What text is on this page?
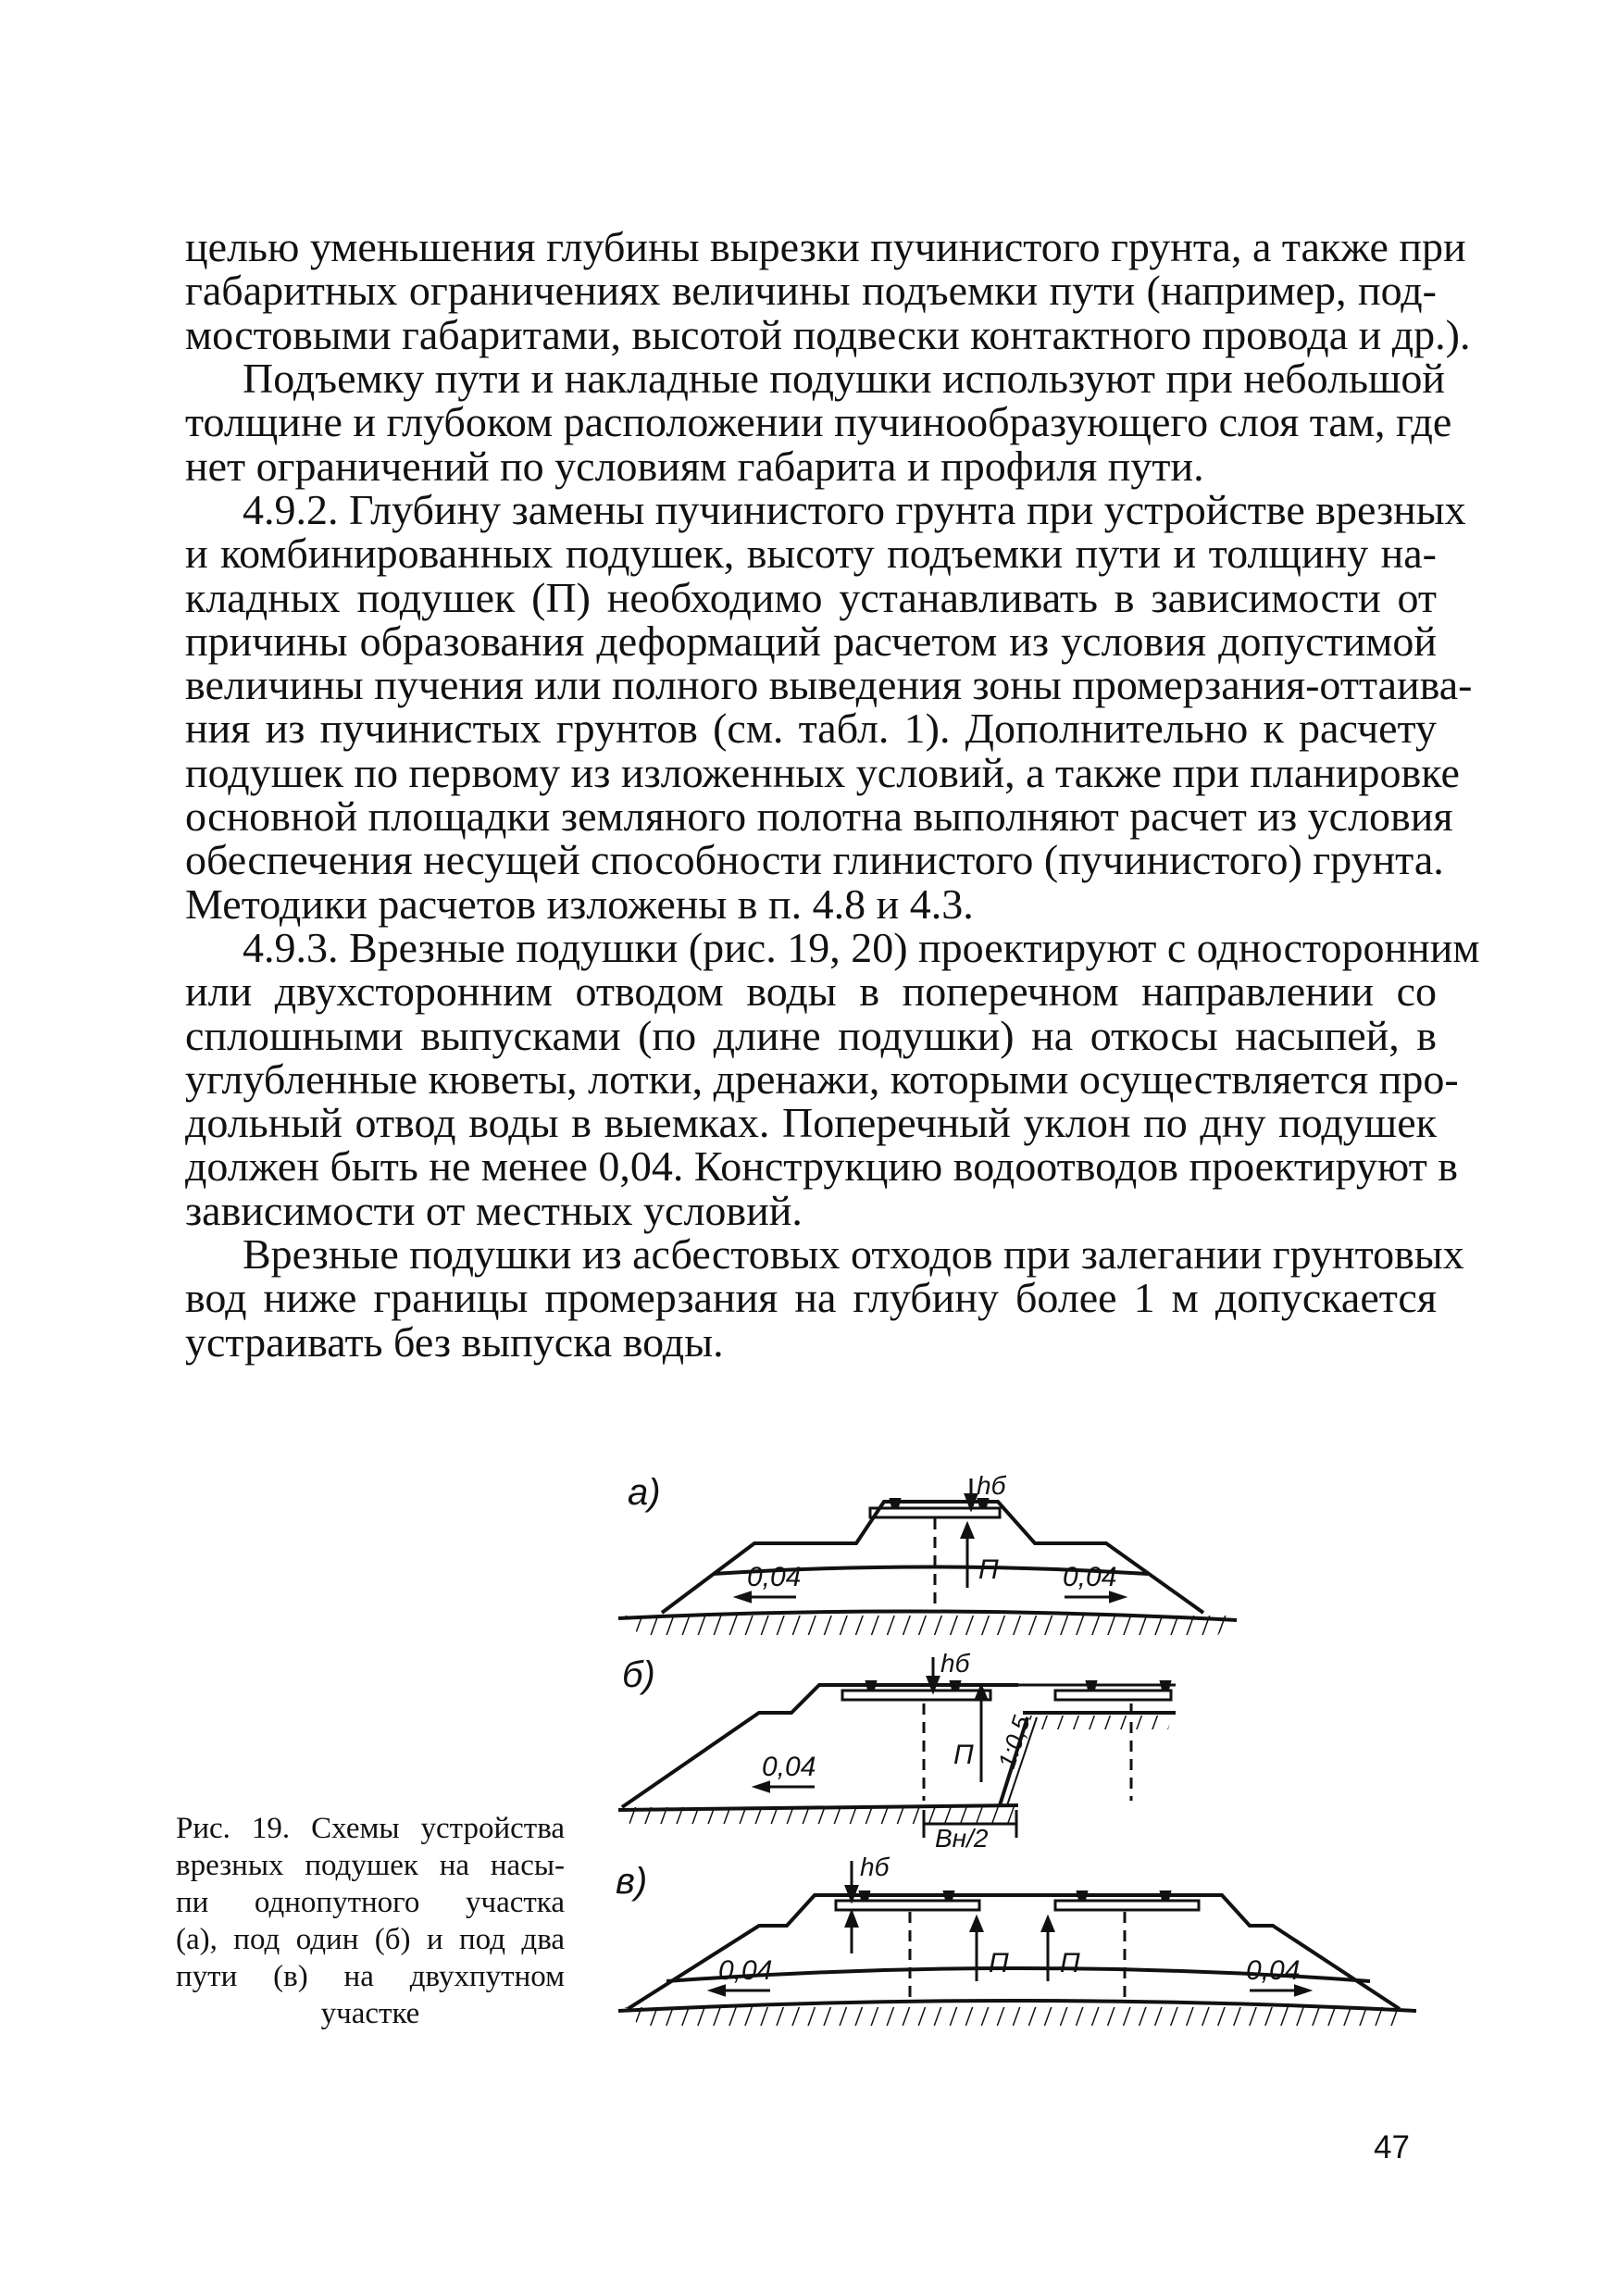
целью уменьшения глубины вырезки пучинистого грунта, а также при
габаритных ограничениях величины подъемки пути (например, под-
мостовыми габаритами, высотой подвески контактного провода и др.).
Подъемку пути и накладные подушки используют при небольшой
толщине и глубоком расположении пучинообразующего слоя там, где
нет ограничений по условиям габарита и профиля пути.
4.9.2. Глубину замены пучинистого грунта при устройстве врезных
и комбинированных подушек, высоту подъемки пути и толщину на-
кладных подушек (П) необходимо устанавливать в зависимости от
причины образования деформаций расчетом из условия допустимой
величины пучения или полного выведения зоны промерзания-оттаива-
ния из пучинистых грунтов (см. табл. 1). Дополнительно к расчету
подушек по первому из изложенных условий, а также при планировке
основной площадки земляного полотна выполняют расчет из условия
обеспечения несущей способности глинистого (пучинистого) грунта.
Методики расчетов изложены в п. 4.8 и 4.3.
4.9.3. Врезные подушки (рис. 19, 20) проектируют с односторонним
или двухсторонним отводом воды в поперечном направлении со
сплошными выпусками (по длине подушки) на откосы насыпей, в
углубленные кюветы, лотки, дренажи, которыми осуществляется про-
дольный отвод воды в выемках. Поперечный уклон по дну подушек
должен быть не менее 0,04. Конструкцию водоотводов проектируют в
зависимости от местных условий.
Врезные подушки из асбестовых отходов при залегании грунтовых
вод ниже границы промерзания на глубину более 1 м допускается
устраивать без выпуска воды.
Рис. 19. Схемы устройства
врезных подушек на насы-
пи однопутного участка
(а), под один (б) и под два
пути (в) на двухпутном
участке
а)	hб
П
0,04	0,04
б)	hб
П
0,04	1:0,5
Вн/2
в)	hб
П П
0,04	0,04
47
